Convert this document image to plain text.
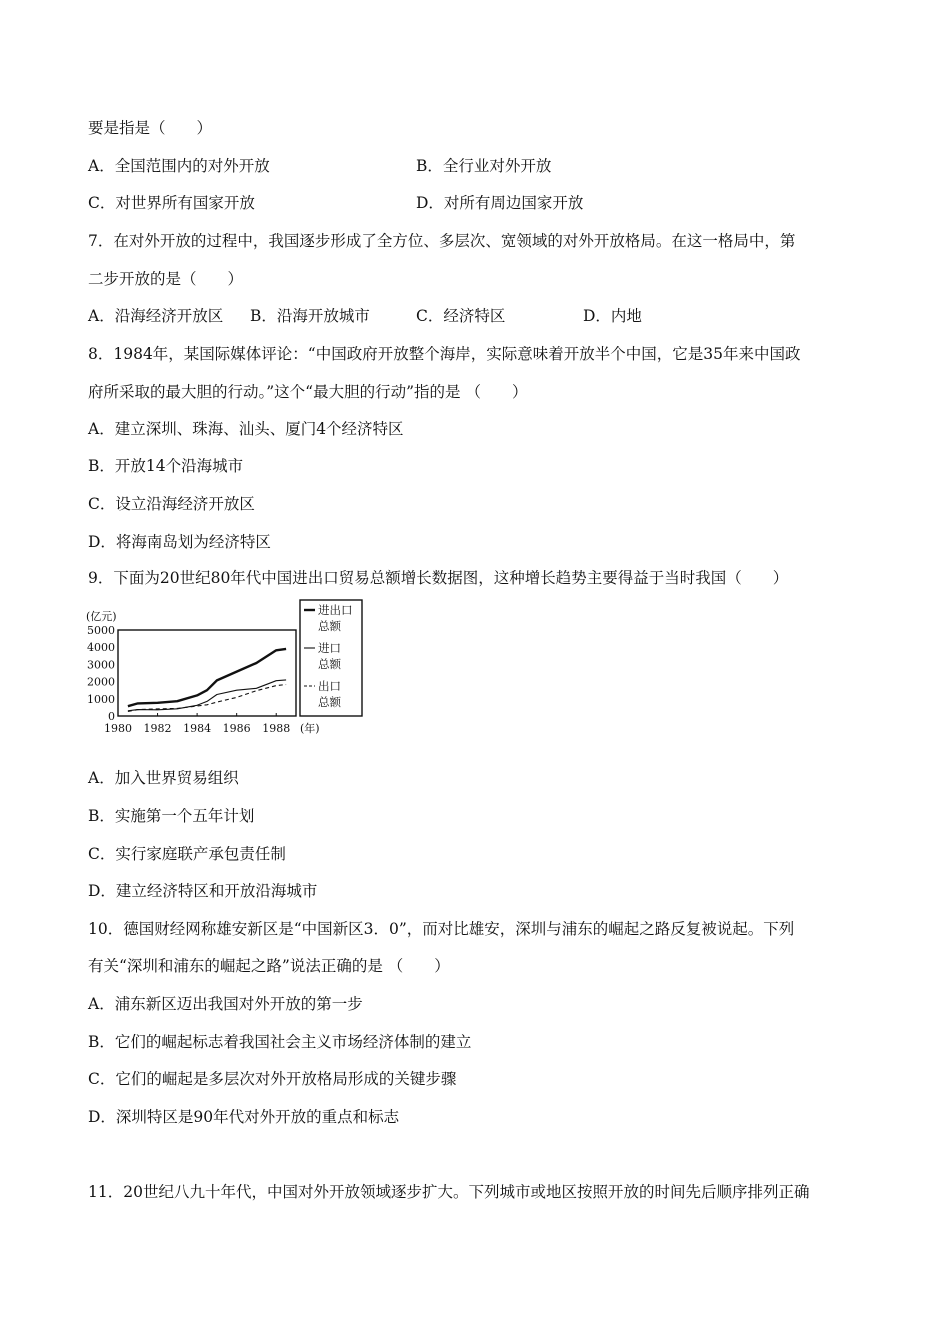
要是指是（　　）
A．全国范围内的对外开放	B．全行业对外开放
C．对世界所有国家开放	D．对所有周边国家开放
7．在对外开放的过程中，我国逐步形成了全方位、多层次、宽领域的对外开放格局。在这一格局中，第
二步开放的是（　　）
A．沿海经济开放区 B．沿海开放城市	C．经济特区	D．内地
8．1984年，某国际媒体评论：“中国政府开放整个海岸，实际意味着开放半个中国，它是35年来中国政
府所采取的最大胆的行动。”这个“最大胆的行动”指的是 （　　）
A．建立深圳、珠海、汕头、厦门4个经济特区
B．开放14个沿海城市
C．设立沿海经济开放区
D．将海南岛划为经济特区
9．下面为20世纪80年代中国进出口贸易总额增长数据图，这种增长趋势主要得益于当时我国（　　）
(亿元)
0
1000
2000
3000
4000
5000
1980 1982 1984 1986 1988 (年)
进出口
总额
进口
总额
出口
总额
A．加入世界贸易组织
B．实施第一个五年计划
C．实行家庭联产承包责任制
D．建立经济特区和开放沿海城市
10．德国财经网称雄安新区是“中国新区3．0”，而对比雄安，深圳与浦东的崛起之路反复被说起。下列
有关“深圳和浦东的崛起之路”说法正确的是 （　　）
A．浦东新区迈出我国对外开放的第一步
B．它们的崛起标志着我国社会主义市场经济体制的建立
C．它们的崛起是多层次对外开放格局形成的关键步骤
D．深圳特区是90年代对外开放的重点和标志
11．20世纪八九十年代，中国对外开放领域逐步扩大。下列城市或地区按照开放的时间先后顺序排列正确
